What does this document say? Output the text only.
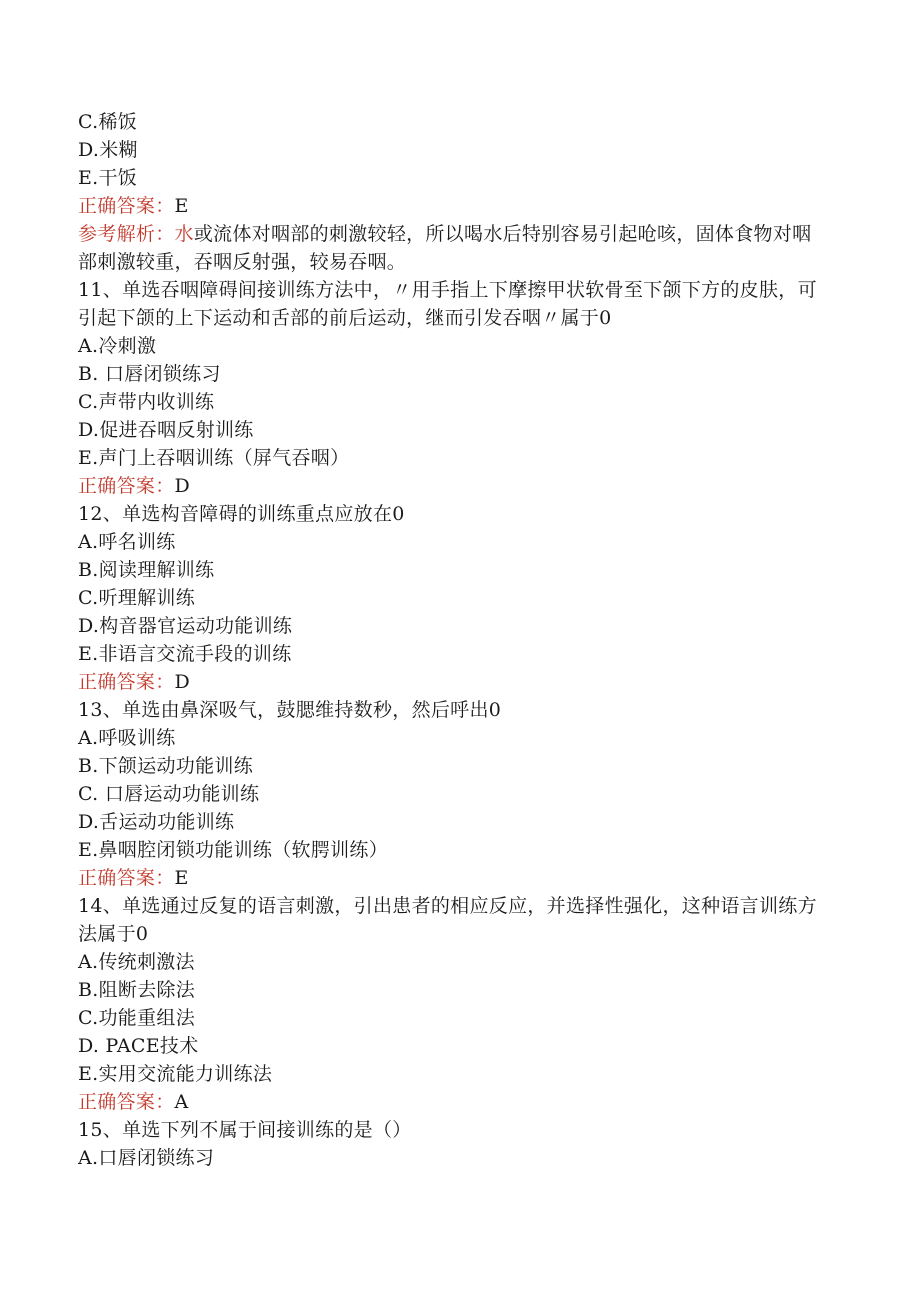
C.稀饭
D.米糊
E.干饭
正确答案：E
参考解析：水或流体对咽部的刺激较轻，所以喝水后特别容易引起呛咳，固体食物对咽部刺激较重，吞咽反射强，较易吞咽。
11、单选吞咽障碍间接训练方法中，〃用手指上下摩擦甲状软骨至下颌下方的皮肤，可引起下颌的上下运动和舌部的前后运动，继而引发吞咽〃属于0
A.冷刺激
B. 口唇闭锁练习
C.声带内收训练
D.促进吞咽反射训练
E.声门上吞咽训练（屏气吞咽）
正确答案：D
12、单选构音障碍的训练重点应放在0
A.呼名训练
B.阅读理解训练
C.听理解训练
D.构音器官运动功能训练
E.非语言交流手段的训练
正确答案：D
13、单选由鼻深吸气，鼓腮维持数秒，然后呼出0
A.呼吸训练
B.下颌运动功能训练
C. 口唇运动功能训练
D.舌运动功能训练
E.鼻咽腔闭锁功能训练（软腭训练）
正确答案：E
14、单选通过反复的语言刺激，引出患者的相应反应，并选择性强化，这种语言训练方法属于0
A.传统刺激法
B.阻断去除法
C.功能重组法
D. PACE技术
E.实用交流能力训练法
正确答案：A
15、单选下列不属于间接训练的是（）
A.口唇闭锁练习
